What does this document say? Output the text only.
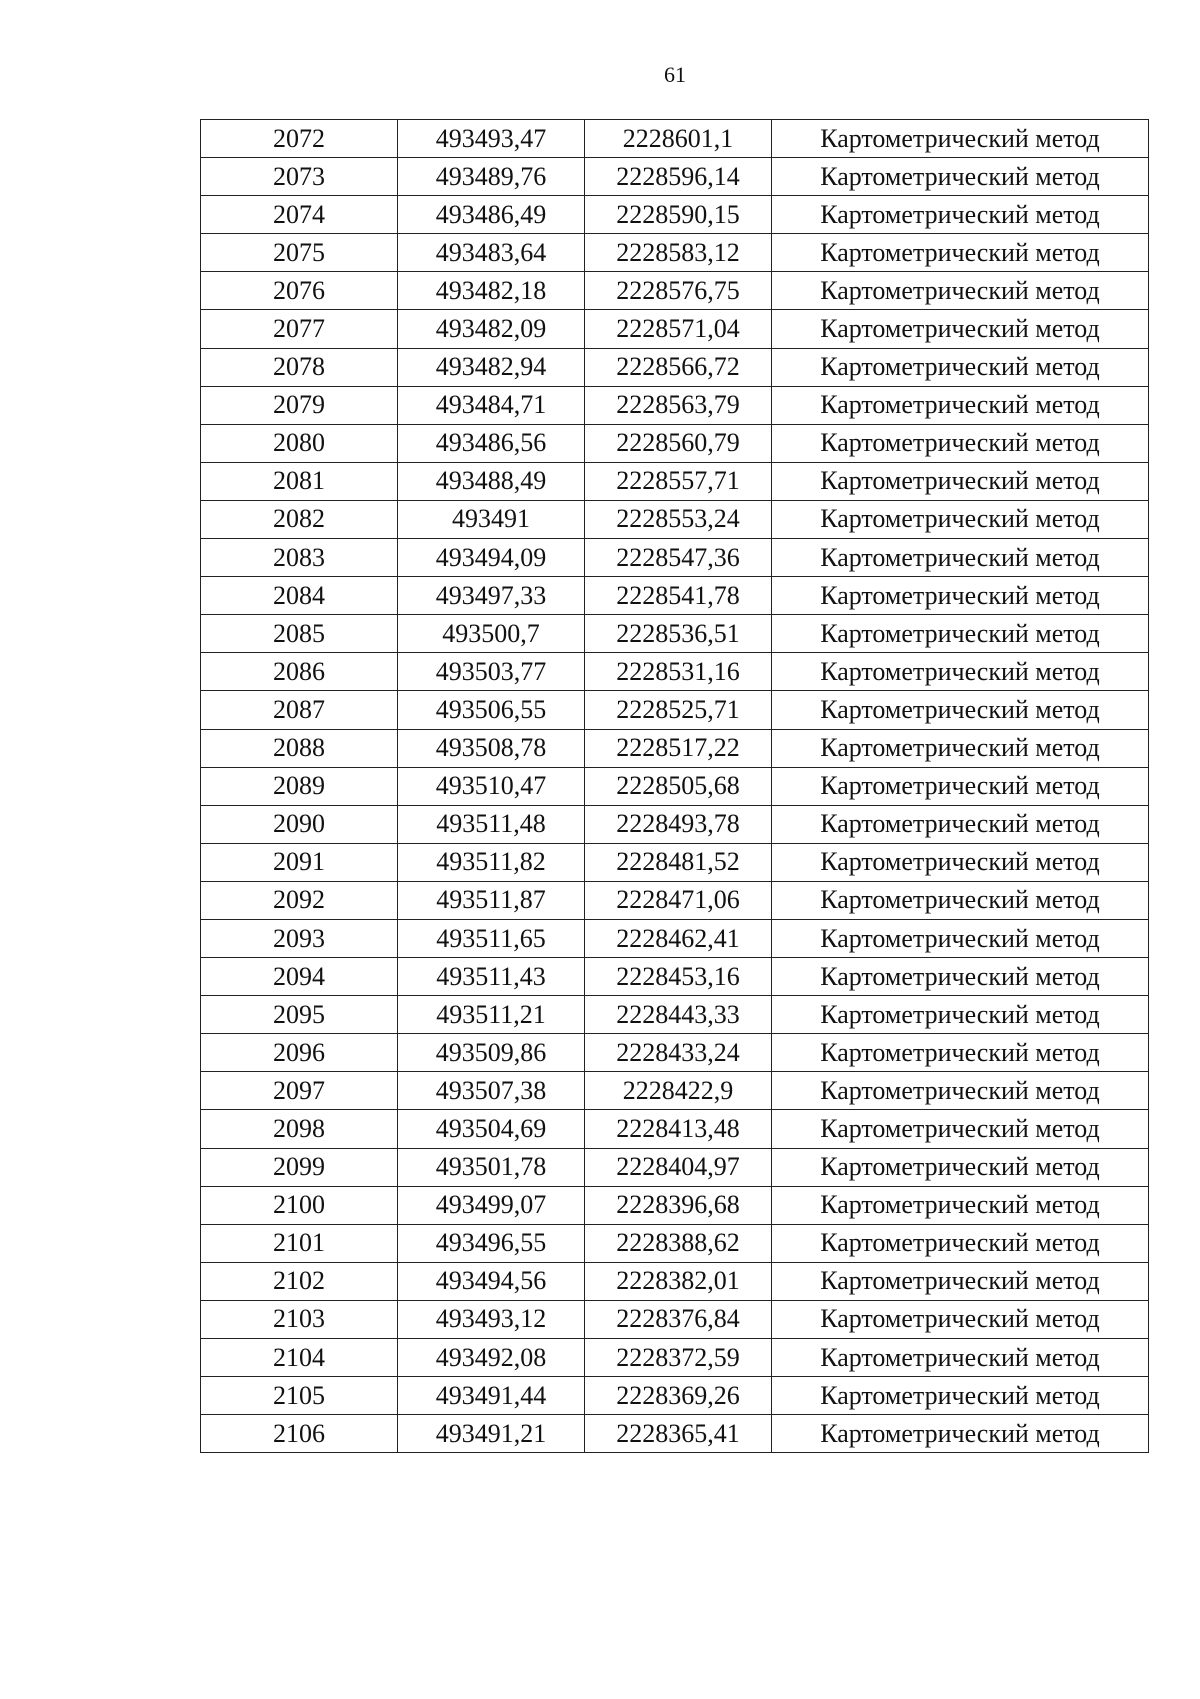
61
2072	493493,47	2228601,1	Картометрический метод
2073	493489,76	2228596,14	Картометрический метод
2074	493486,49	2228590,15	Картометрический метод
2075	493483,64	2228583,12	Картометрический метод
2076	493482,18	2228576,75	Картометрический метод
2077	493482,09	2228571,04	Картометрический метод
2078	493482,94	2228566,72	Картометрический метод
2079	493484,71	2228563,79	Картометрический метод
2080	493486,56	2228560,79	Картометрический метод
2081	493488,49	2228557,71	Картометрический метод
2082	493491	2228553,24	Картометрический метод
2083	493494,09	2228547,36	Картометрический метод
2084	493497,33	2228541,78	Картометрический метод
2085	493500,7	2228536,51	Картометрический метод
2086	493503,77	2228531,16	Картометрический метод
2087	493506,55	2228525,71	Картометрический метод
2088	493508,78	2228517,22	Картометрический метод
2089	493510,47	2228505,68	Картометрический метод
2090	493511,48	2228493,78	Картометрический метод
2091	493511,82	2228481,52	Картометрический метод
2092	493511,87	2228471,06	Картометрический метод
2093	493511,65	2228462,41	Картометрический метод
2094	493511,43	2228453,16	Картометрический метод
2095	493511,21	2228443,33	Картометрический метод
2096	493509,86	2228433,24	Картометрический метод
2097	493507,38	2228422,9	Картометрический метод
2098	493504,69	2228413,48	Картометрический метод
2099	493501,78	2228404,97	Картометрический метод
2100	493499,07	2228396,68	Картометрический метод
2101	493496,55	2228388,62	Картометрический метод
2102	493494,56	2228382,01	Картометрический метод
2103	493493,12	2228376,84	Картометрический метод
2104	493492,08	2228372,59	Картометрический метод
2105	493491,44	2228369,26	Картометрический метод
2106	493491,21	2228365,41	Картометрический метод
